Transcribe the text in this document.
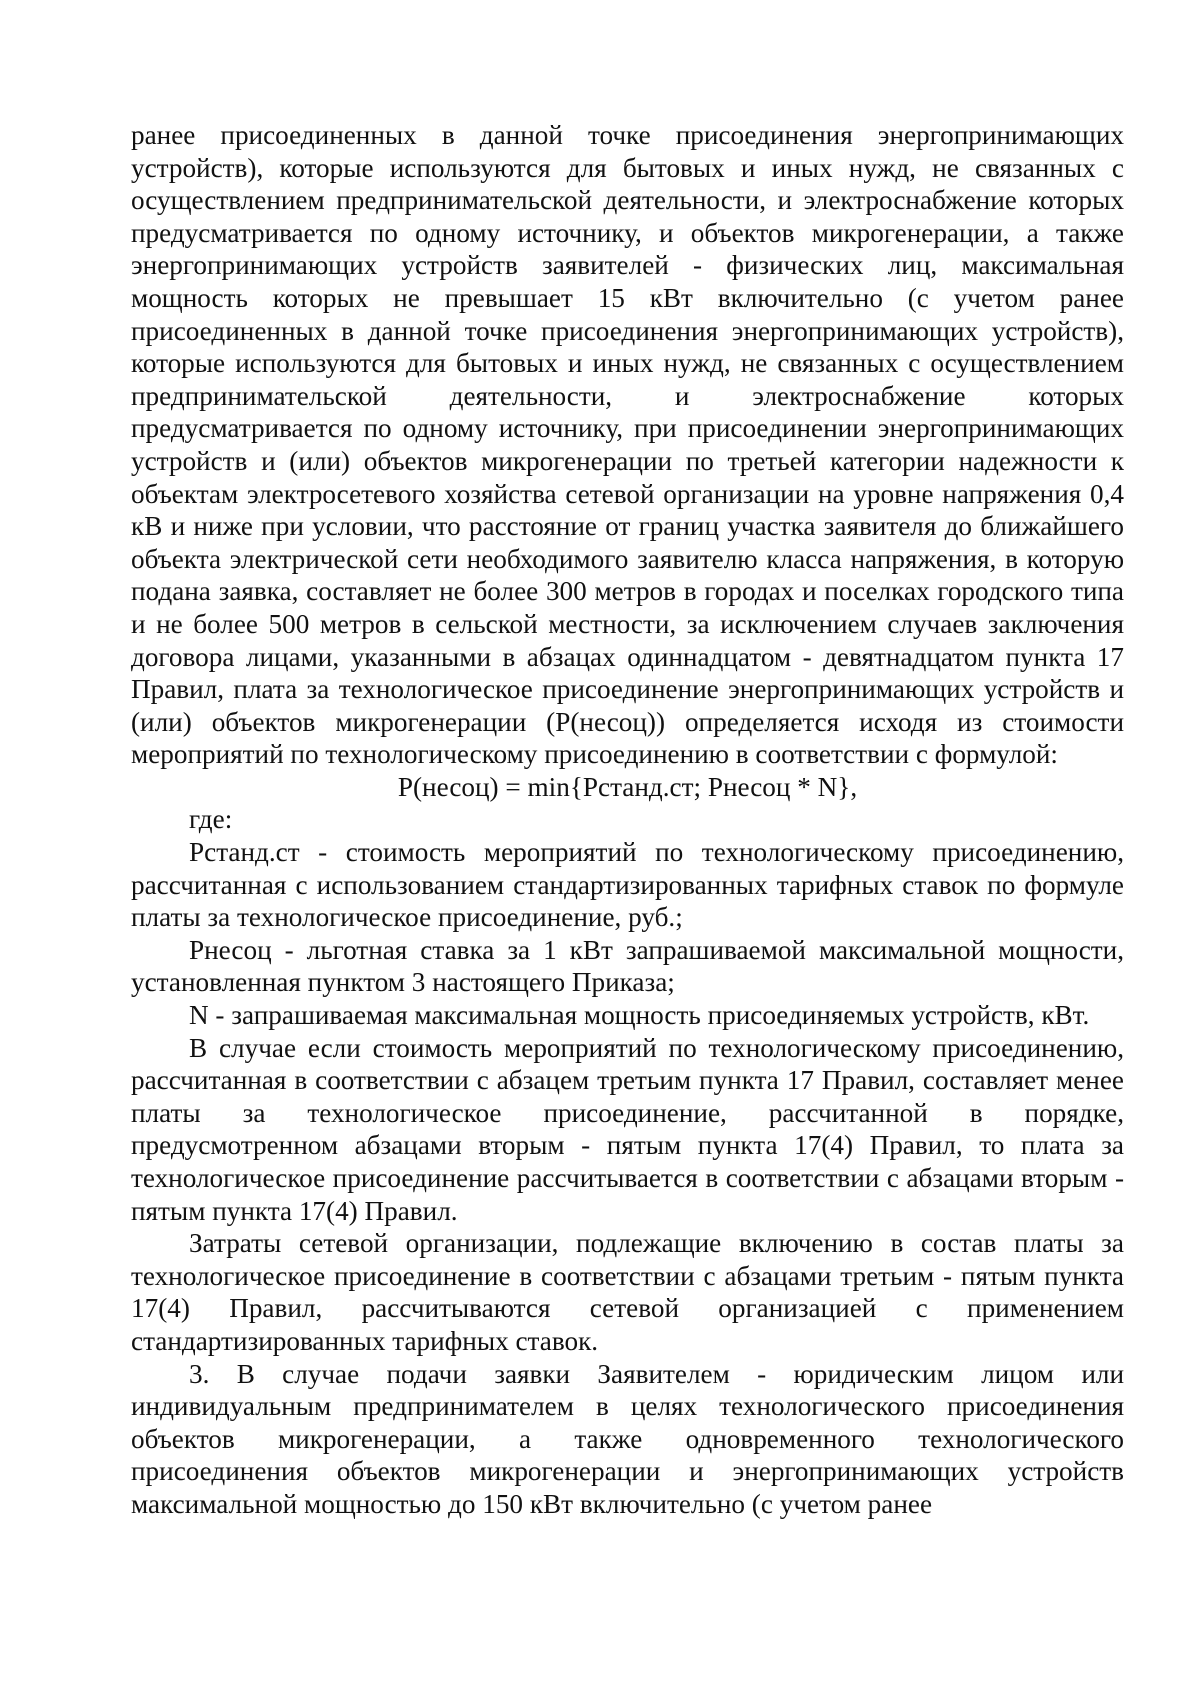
ранее присоединенных в данной точке присоединения энергопринимающих устройств), которые используются для бытовых и иных нужд, не связанных с осуществлением предпринимательской деятельности, и электроснабжение которых предусматривается по одному источнику, и объектов микрогенерации, а также энергопринимающих устройств заявителей - физических лиц, максимальная мощность которых не превышает 15 кВт включительно (с учетом ранее присоединенных в данной точке присоединения энергопринимающих устройств), которые используются для бытовых и иных нужд, не связанных с осуществлением предпринимательской деятельности, и электроснабжение которых предусматривается по одному источнику, при присоединении энергопринимающих устройств и (или) объектов микрогенерации по третьей категории надежности к объектам электросетевого хозяйства сетевой организации на уровне напряжения 0,4 кВ и ниже при условии, что расстояние от границ участка заявителя до ближайшего объекта электрической сети необходимого заявителю класса напряжения, в которую подана заявка, составляет не более 300 метров в городах и поселках городского типа и не более 500 метров в сельской местности, за исключением случаев заключения договора лицами, указанными в абзацах одиннадцатом - девятнадцатом пункта 17 Правил, плата за технологическое присоединение энергопринимающих устройств и (или) объектов микрогенерации (P(несоц)) определяется исходя из стоимости мероприятий по технологическому присоединению в соответствии с формулой:

P(несоц) = min{Рстанд.ст; Рнесоц * N},

где:

Рстанд.ст - стоимость мероприятий по технологическому присоединению, рассчитанная с использованием стандартизированных тарифных ставок по формуле платы за технологическое присоединение, руб.;

Рнесоц - льготная ставка за 1 кВт запрашиваемой максимальной мощности, установленная пунктом 3 настоящего Приказа;

N - запрашиваемая максимальная мощность присоединяемых устройств, кВт.

В случае если стоимость мероприятий по технологическому присоединению, рассчитанная в соответствии с абзацем третьим пункта 17 Правил, составляет менее платы за технологическое присоединение, рассчитанной в порядке, предусмотренном абзацами вторым - пятым пункта 17(4) Правил, то плата за технологическое присоединение рассчитывается в соответствии с абзацами вторым - пятым пункта 17(4) Правил.

Затраты сетевой организации, подлежащие включению в состав платы за технологическое присоединение в соответствии с абзацами третьим - пятым пункта 17(4) Правил, рассчитываются сетевой организацией с применением стандартизированных тарифных ставок.

3. В случае подачи заявки Заявителем - юридическим лицом или индивидуальным предпринимателем в целях технологического присоединения объектов микрогенерации, а также одновременного технологического присоединения объектов микрогенерации и энергопринимающих устройств максимальной мощностью до 150 кВт включительно (с учетом ранее
